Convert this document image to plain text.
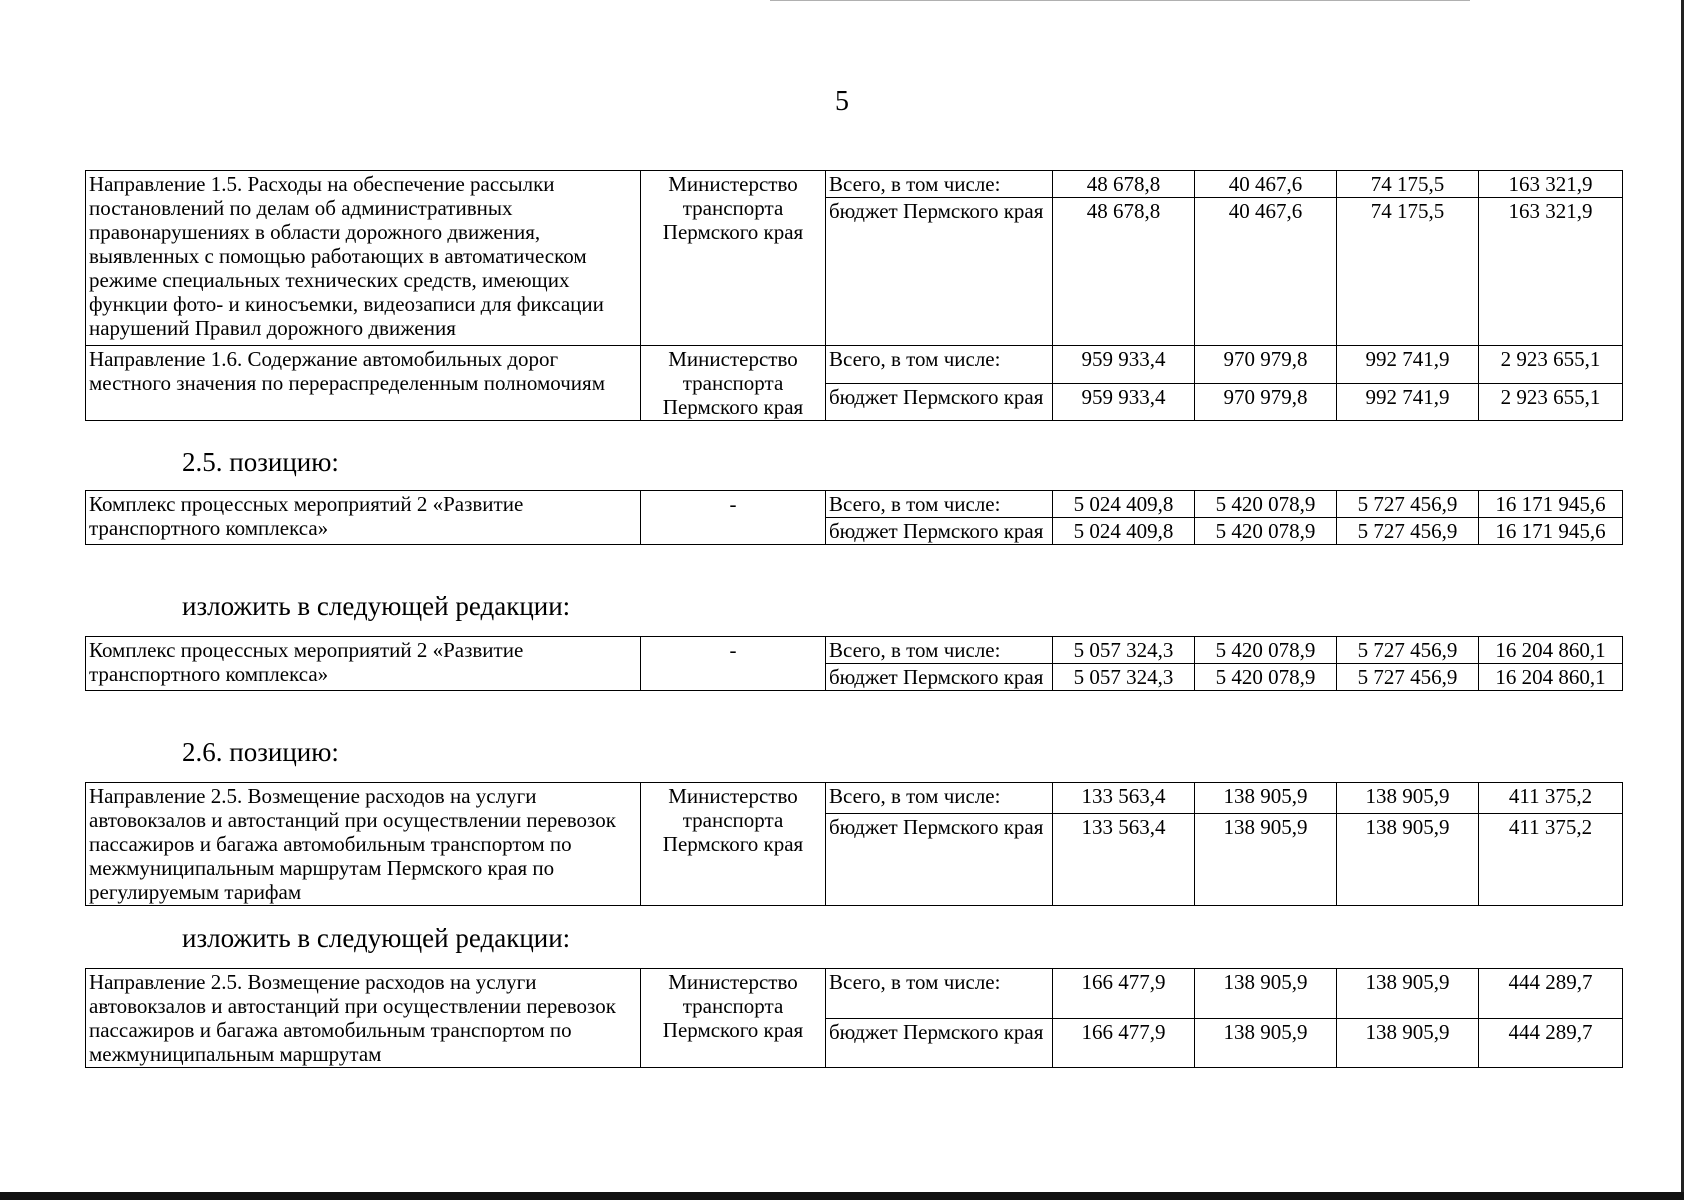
5
Направление 1.5. Расходы на обеспечение рассылки постановлений по делам об административных правонарушениях в области дорожного движения, выявленных с помощью работающих в автоматическом режиме специальных технических средств, имеющих функции фото- и киносъемки, видеозаписи для фиксации нарушений Правил дорожного движения	Министерство транспорта Пермского края	Всего, в том числе:	48 678,8	40 467,6	74 175,5	163 321,9
		бюджет Пермского края	48 678,8	40 467,6	74 175,5	163 321,9
Направление 1.6. Содержание автомобильных дорог местного значения по перераспределенным полномочиям	Министерство транспорта Пермского края	Всего, в том числе:	959 933,4	970 979,8	992 741,9	2 923 655,1
		бюджет Пермского края	959 933,4	970 979,8	992 741,9	2 923 655,1
2.5. позицию:
Комплекс процессных мероприятий 2 «Развитие транспортного комплекса»	-	Всего, в том числе:	5 024 409,8	5 420 078,9	5 727 456,9	16 171 945,6
		бюджет Пермского края	5 024 409,8	5 420 078,9	5 727 456,9	16 171 945,6
изложить в следующей редакции:
Комплекс процессных мероприятий 2 «Развитие транспортного комплекса»	-	Всего, в том числе:	5 057 324,3	5 420 078,9	5 727 456,9	16 204 860,1
		бюджет Пермского края	5 057 324,3	5 420 078,9	5 727 456,9	16 204 860,1
2.6. позицию:
Направление 2.5. Возмещение расходов на услуги автовокзалов и автостанций при осуществлении перевозок пассажиров и багажа автомобильным транспортом по межмуниципальным маршрутам Пермского края по регулируемым тарифам	Министерство транспорта Пермского края	Всего, в том числе:	133 563,4	138 905,9	138 905,9	411 375,2
		бюджет Пермского края	133 563,4	138 905,9	138 905,9	411 375,2
изложить в следующей редакции:
Направление 2.5. Возмещение расходов на услуги автовокзалов и автостанций при осуществлении перевозок пассажиров и багажа автомобильным транспортом по межмуниципальным маршрутам	Министерство транспорта Пермского края	Всего, в том числе:	166 477,9	138 905,9	138 905,9	444 289,7
		бюджет Пермского края	166 477,9	138 905,9	138 905,9	444 289,7
